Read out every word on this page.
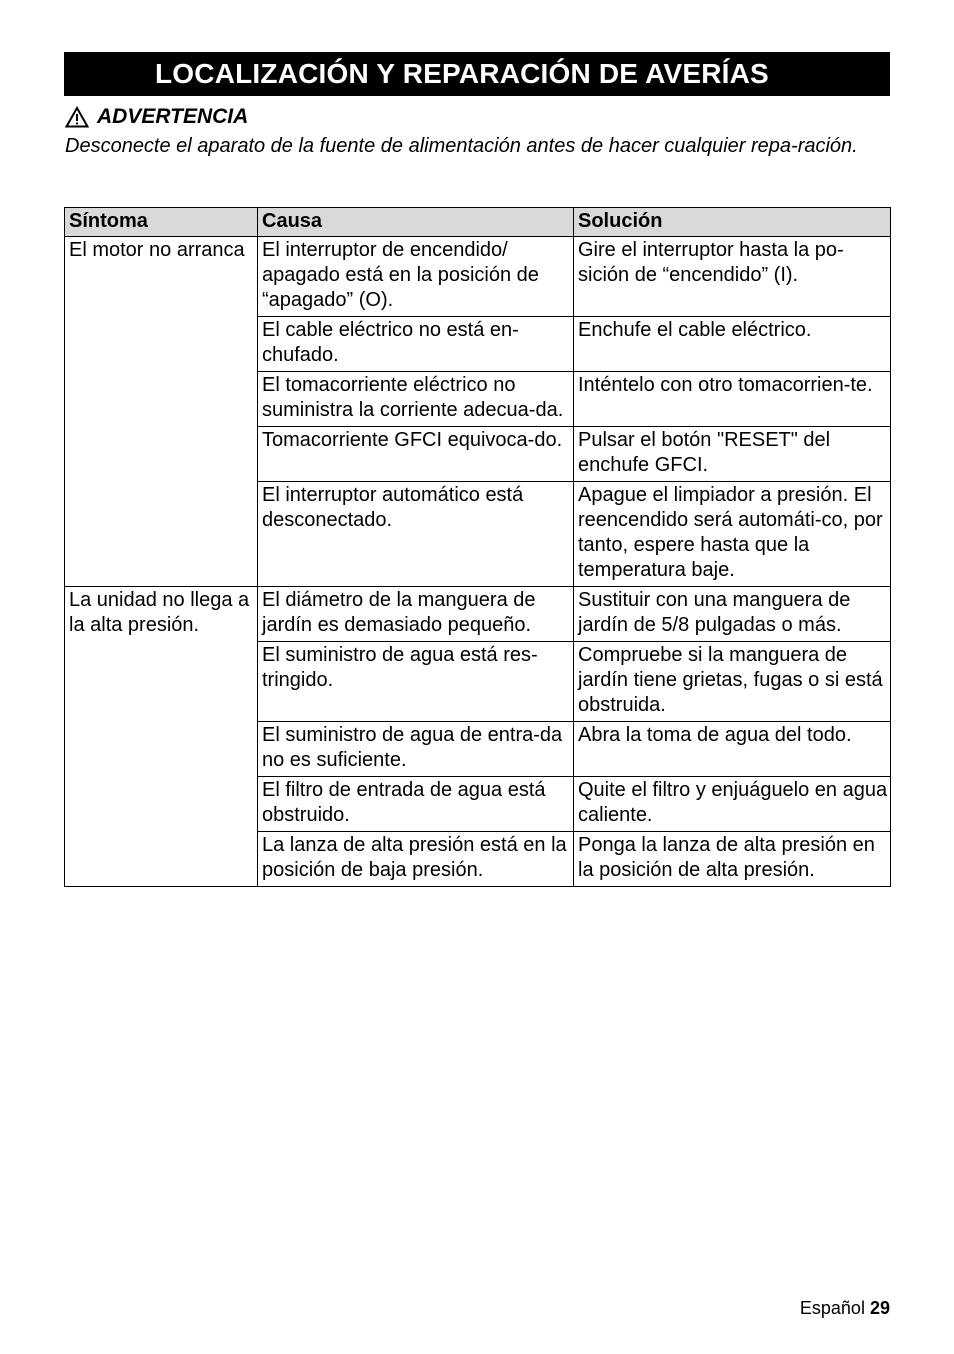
LOCALIZACIÓN Y REPARACIÓN DE AVERÍAS
ADVERTENCIA
Desconecte el aparato de la fuente de alimentación antes de hacer cualquier repa-ración.
Síntoma	Causa	Solución
El motor no arranca	El interruptor de encendido/ apagado está en la posición de “apagado” (O).	Gire el interruptor hasta la po-sición de “encendido” (I).
	El cable eléctrico no está en-chufado.	Enchufe el cable eléctrico.
	El tomacorriente eléctrico no suministra la corriente adecua-da.	Inténtelo con otro tomacorrien-te.
	Tomacorriente GFCI equivoca-do.	Pulsar el botón "RESET" del enchufe GFCI.
	El interruptor automático está desconectado.	Apague el limpiador a presión. El reencendido será automáti-co, por tanto, espere hasta que la temperatura baje.
La unidad no llega a la alta presión.	El diámetro de la manguera de jardín es demasiado pequeño.	Sustituir con una manguera de jardín de 5/8 pulgadas o más.
	El suministro de agua está res-tringido.	Compruebe si la manguera de jardín tiene grietas, fugas o si está obstruida.
	El suministro de agua de entra-da no es suficiente.	Abra la toma de agua del todo.
	El filtro de entrada de agua está obstruido.	Quite el filtro y enjuáguelo en agua caliente.
	La lanza de alta presión está en la posición de baja presión.	Ponga la lanza de alta presión en la posición de alta presión.
Español 29
